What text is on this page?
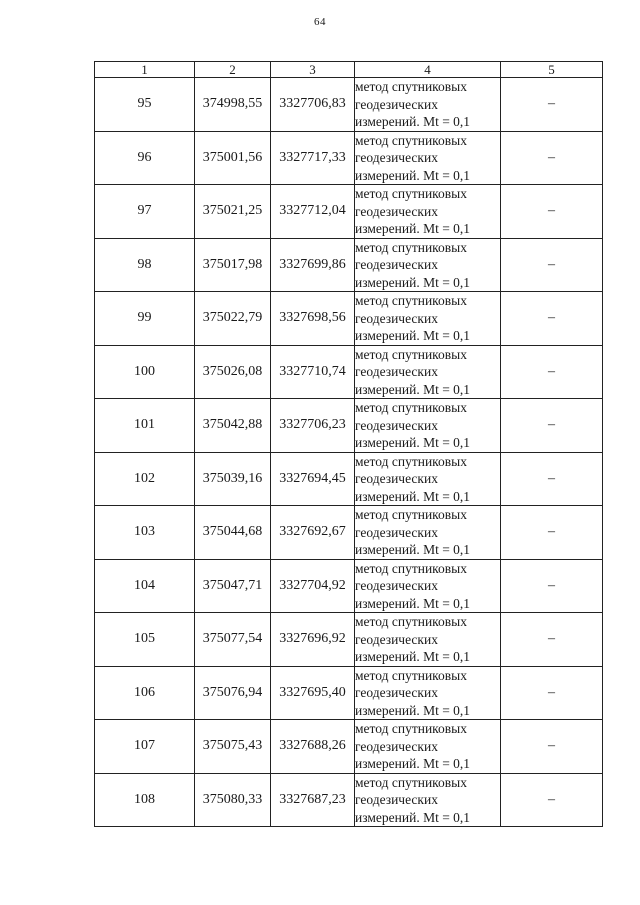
64
1	2	3	4	5
95	374998,55	3327706,83	метод спутниковых
геодезических
измерений. Mt = 0,1	–
96	375001,56	3327717,33	метод спутниковых
геодезических
измерений. Mt = 0,1	–
97	375021,25	3327712,04	метод спутниковых
геодезических
измерений. Mt = 0,1	–
98	375017,98	3327699,86	метод спутниковых
геодезических
измерений. Mt = 0,1	–
99	375022,79	3327698,56	метод спутниковых
геодезических
измерений. Mt = 0,1	–
100	375026,08	3327710,74	метод спутниковых
геодезических
измерений. Mt = 0,1	–
101	375042,88	3327706,23	метод спутниковых
геодезических
измерений. Mt = 0,1	–
102	375039,16	3327694,45	метод спутниковых
геодезических
измерений. Mt = 0,1	–
103	375044,68	3327692,67	метод спутниковых
геодезических
измерений. Mt = 0,1	–
104	375047,71	3327704,92	метод спутниковых
геодезических
измерений. Mt = 0,1	–
105	375077,54	3327696,92	метод спутниковых
геодезических
измерений. Mt = 0,1	–
106	375076,94	3327695,40	метод спутниковых
геодезических
измерений. Mt = 0,1	–
107	375075,43	3327688,26	метод спутниковых
геодезических
измерений. Mt = 0,1	–
108	375080,33	3327687,23	метод спутниковых
геодезических
измерений. Mt = 0,1	–
